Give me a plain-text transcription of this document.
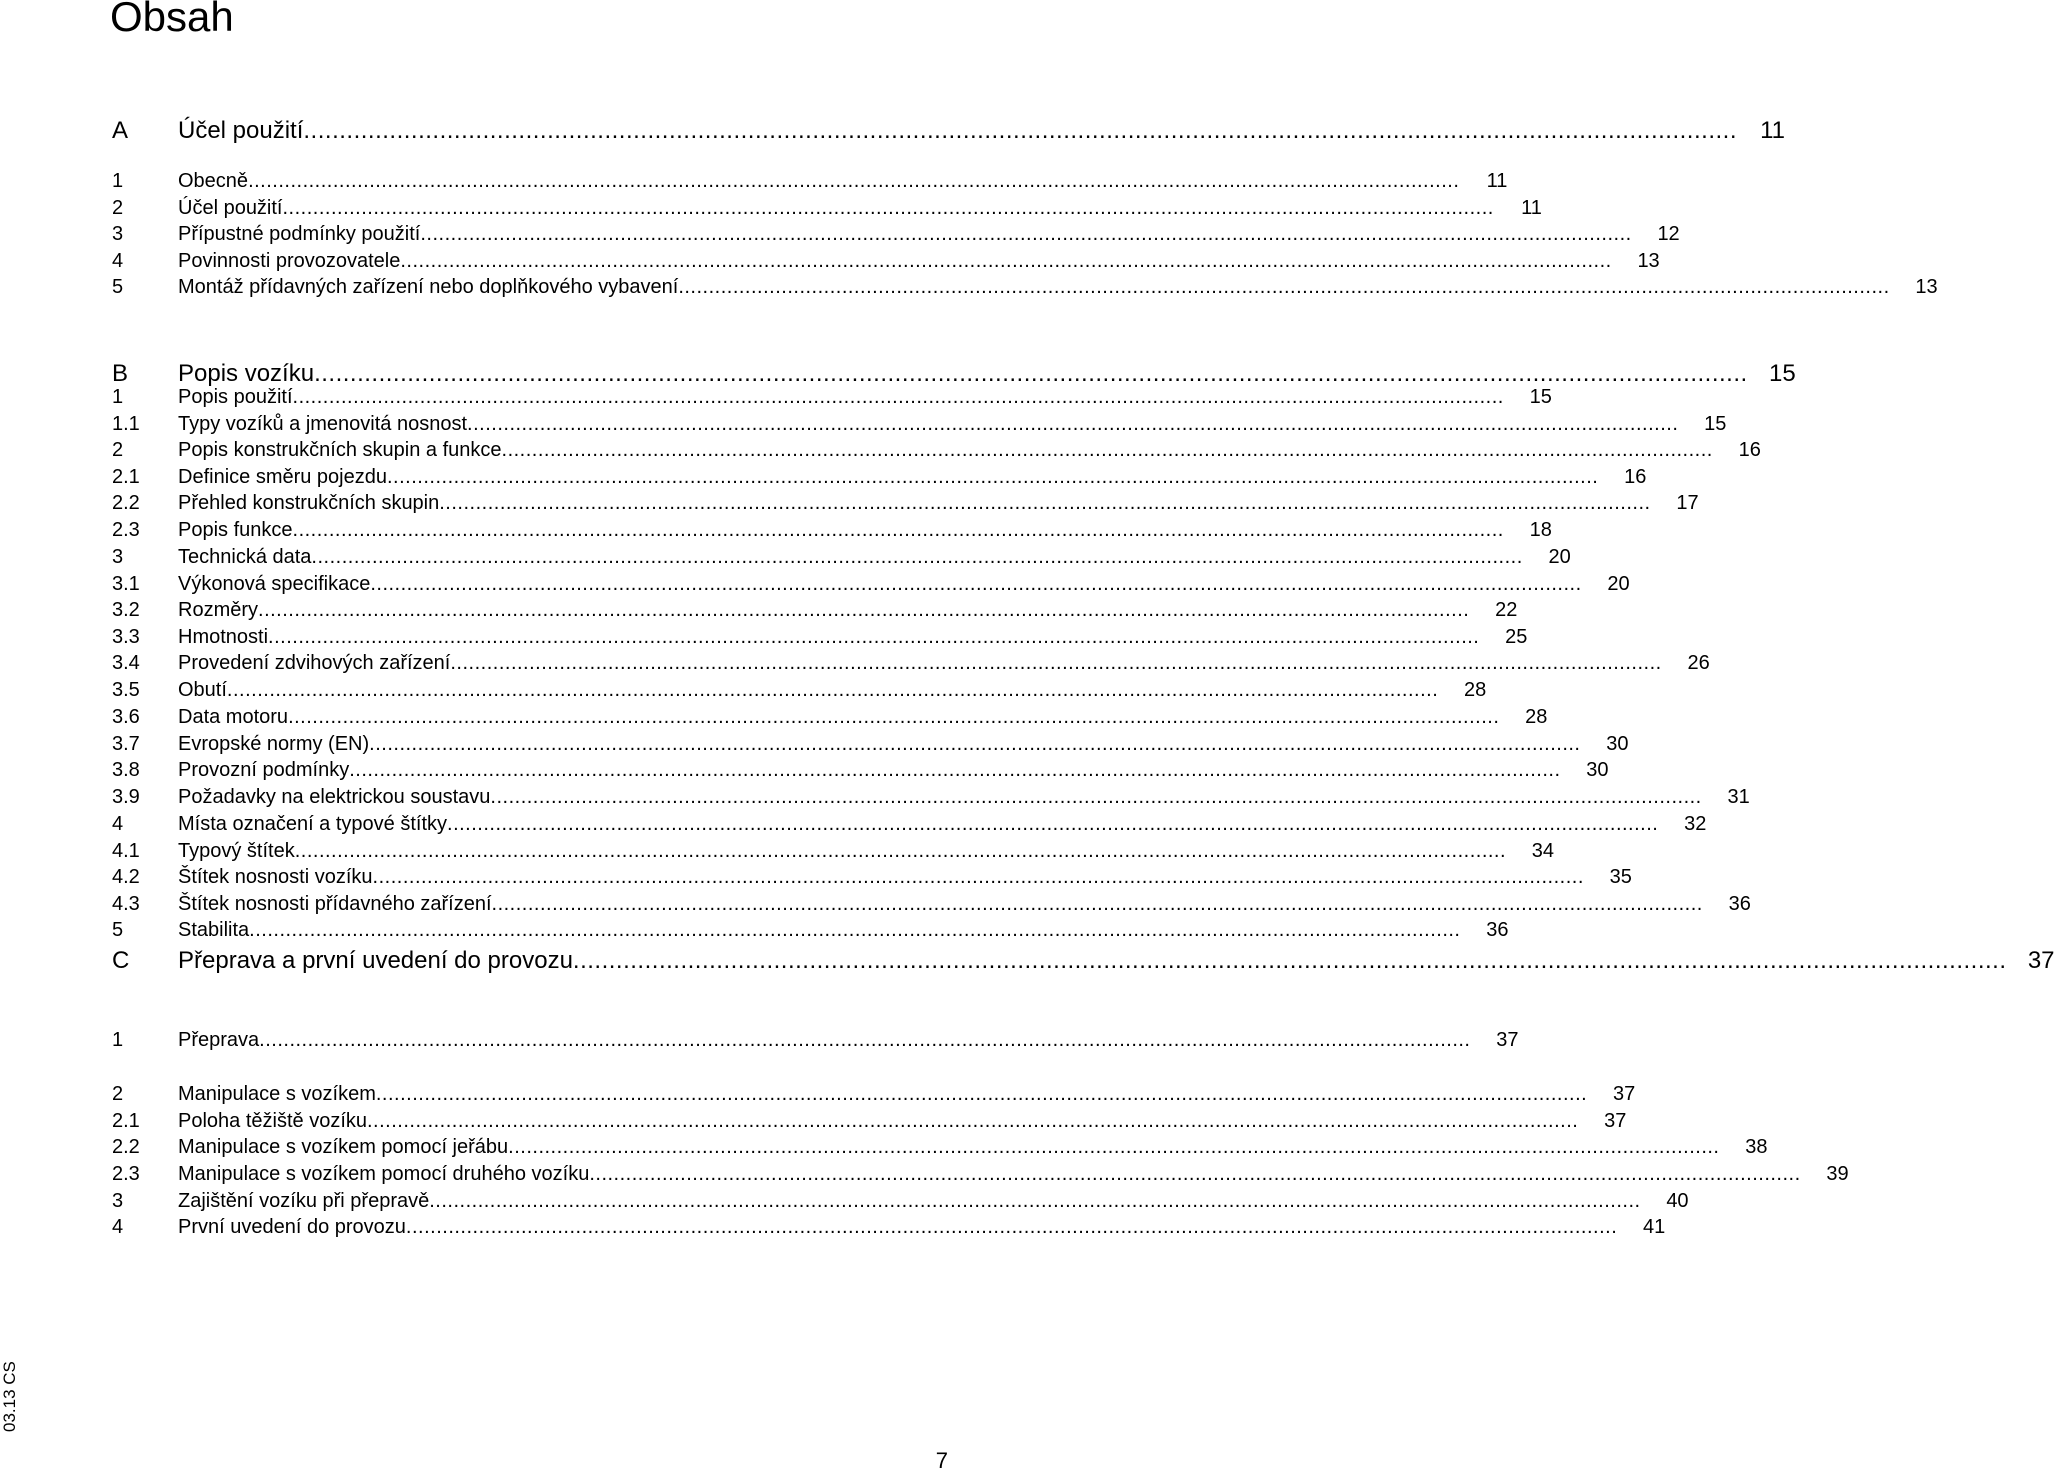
Obsah
A	Účel použití ........................................................................................................................................................................................................ 11
1	Obecně ........................................................................................................................................................................................................	11
2	Účel použití ........................................................................................................................................................................................................	11
3	Přípustné podmínky použití ........................................................................................................................................................................................................	12
4	Povinnosti provozovatele ........................................................................................................................................................................................................	13
5	Montáž přídavných zařízení nebo doplňkového vybavení ........................................................................................................................................................................................................	13
B	Popis vozíku ........................................................................................................................................................................................................ 15
1	Popis použití ........................................................................................................................................................................................................	15
1.1	Typy vozíků a jmenovitá nosnost ........................................................................................................................................................................................................	15
2	Popis konstrukčních skupin a funkce ........................................................................................................................................................................................................	16
2.1	Definice směru pojezdu ........................................................................................................................................................................................................	16
2.2	Přehled konstrukčních skupin ........................................................................................................................................................................................................	17
2.3	Popis funkce ........................................................................................................................................................................................................	18
3	Technická data ........................................................................................................................................................................................................	20
3.1	Výkonová specifikace ........................................................................................................................................................................................................	20
3.2	Rozměry ........................................................................................................................................................................................................	22
3.3	Hmotnosti ........................................................................................................................................................................................................	25
3.4	Provedení zdvihových zařízení ........................................................................................................................................................................................................	26
3.5	Obutí ........................................................................................................................................................................................................	28
3.6	Data motoru ........................................................................................................................................................................................................	28
3.7	Evropské normy (EN) ........................................................................................................................................................................................................	30
3.8	Provozní podmínky ........................................................................................................................................................................................................	30
3.9	Požadavky na elektrickou soustavu ........................................................................................................................................................................................................	31
4	Místa označení a typové štítky ........................................................................................................................................................................................................	32
4.1	Typový štítek ........................................................................................................................................................................................................	34
4.2	Štítek nosnosti vozíku ........................................................................................................................................................................................................	35
4.3	Štítek nosnosti přídavného zařízení ........................................................................................................................................................................................................	36
5	Stabilita ........................................................................................................................................................................................................	36
C	Přeprava a první uvedení do provozu ........................................................................................................................................................................................................ 37
1	Přeprava ........................................................................................................................................................................................................	37
2	Manipulace s vozíkem ........................................................................................................................................................................................................	37
2.1	Poloha těžiště vozíku ........................................................................................................................................................................................................	37
2.2	Manipulace s vozíkem pomocí jeřábu ........................................................................................................................................................................................................	38
2.3	Manipulace s vozíkem pomocí druhého vozíku ........................................................................................................................................................................................................	39
3	Zajištění vozíku při přepravě ........................................................................................................................................................................................................	40
4	První uvedení do provozu ........................................................................................................................................................................................................	41
03.13 CS
7
